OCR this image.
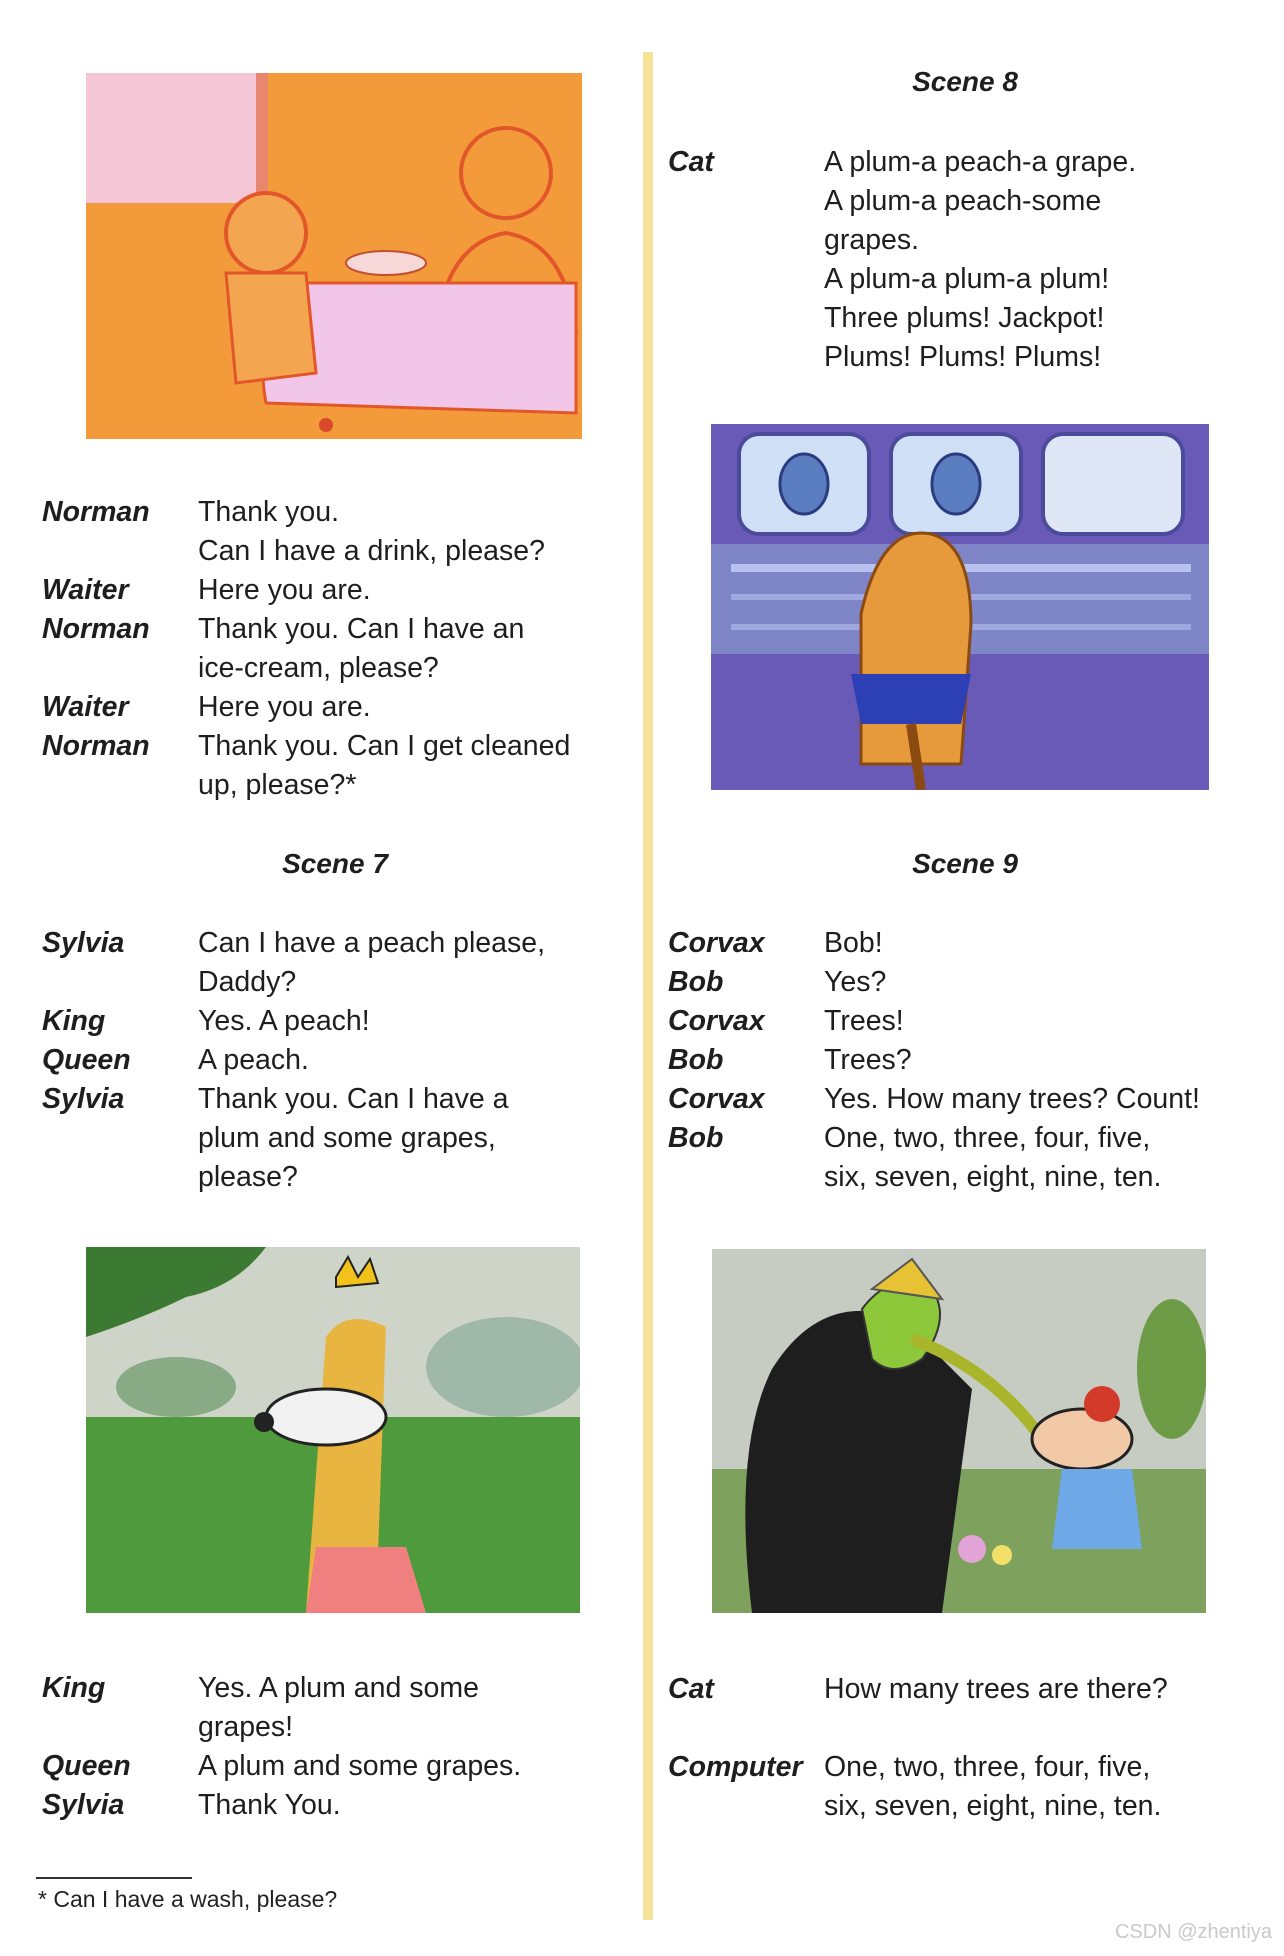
Norman	Thank you.
Can I have a drink, please?
Waiter	Here you are.
Norman	Thank you. Can I have an
ice-cream, please?
Waiter	Here you are.
Norman	Thank you. Can I get cleaned
up, please?*
Scene 7
Sylvia	Can I have a peach please,
Daddy?
King	Yes. A peach!
Queen	A peach.
Sylvia	Thank you. Can I have a
plum and some grapes,
please?
King	Yes. A plum and some
grapes!
Queen	A plum and some grapes.
Sylvia	Thank You.
* Can I have a wash, please?
Scene 8
Cat	A plum-a peach-a grape.
A plum-a peach-some
grapes.
A plum-a plum-a plum!
Three plums! Jackpot!
Plums! Plums! Plums!
Scene 9
Corvax	Bob!
Bob	Yes?
Corvax	Trees!
Bob	Trees?
Corvax	Yes. How many trees? Count!
Bob	One, two, three, four, five,
six, seven, eight, nine, ten.
Cat	How many trees are there?
Computer One, two, three, four, five,
six, seven, eight, nine, ten.
CSDN @zhentiya
